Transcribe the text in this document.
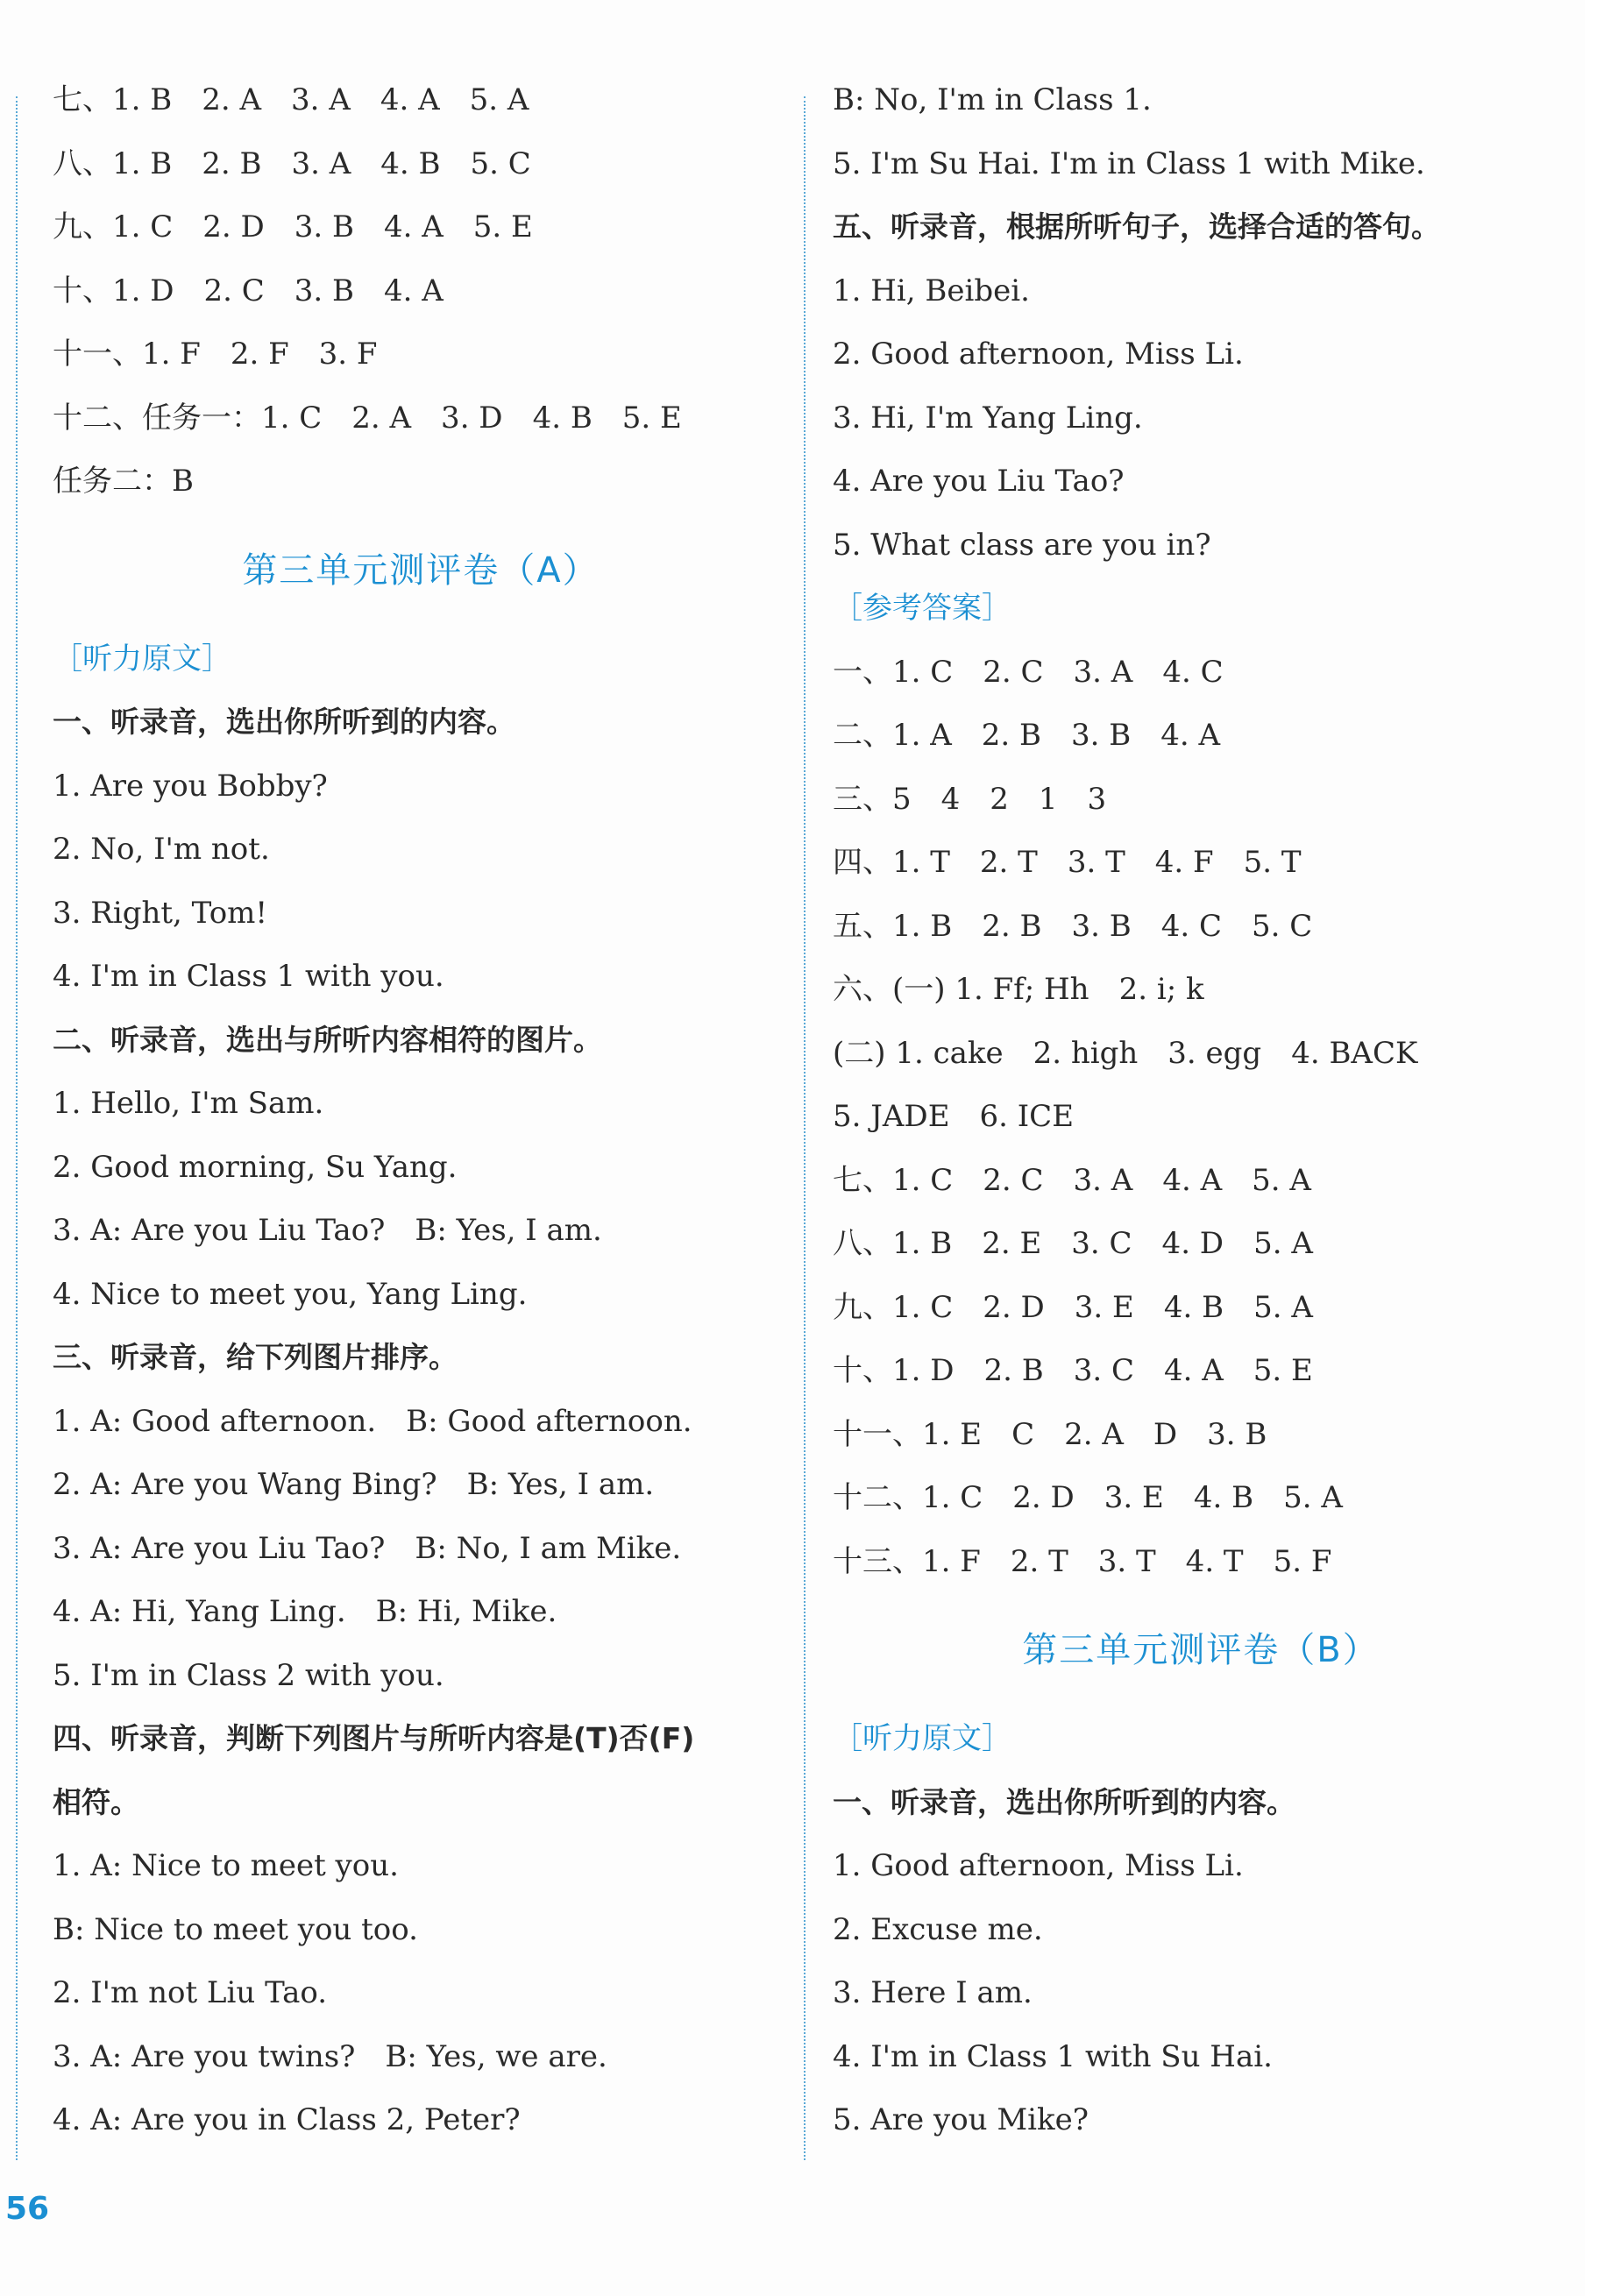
七、1. B　2. A　3. A　4. A　5. A
八、1. B　2. B　3. A　4. B　5. C
九、1. C　2. D　3. B　4. A　5. E
十、1. D　2. C　3. B　4. A
十一、1. F　2. F　3. F
十二、任务一：1. C　2. A　3. D　4. B　5. E
任务二：B
第三单元测评卷（A）
［听力原文］
一、听录音，选出你所听到的内容。
1. Are you Bobby?
2. No, I'm not.
3. Right, Tom!
4. I'm in Class 1 with you.
二、听录音，选出与所听内容相符的图片。
1. Hello, I'm Sam.
2. Good morning, Su Yang.
3. A: Are you Liu Tao?　B: Yes, I am.
4. Nice to meet you, Yang Ling.
三、听录音，给下列图片排序。
1. A: Good afternoon.　B: Good afternoon.
2. A: Are you Wang Bing?　B: Yes, I am.
3. A: Are you Liu Tao?　B: No, I am Mike.
4. A: Hi, Yang Ling.　B: Hi, Mike.
5. I'm in Class 2 with you.
四、听录音，判断下列图片与所听内容是(T)否(F)
相符。
1. A: Nice to meet you.
B: Nice to meet you too.
2. I'm not Liu Tao.
3. A: Are you twins?　B: Yes, we are.
4. A: Are you in Class 2, Peter?
B: No, I'm in Class 1.
5. I'm Su Hai. I'm in Class 1 with Mike.
五、听录音，根据所听句子，选择合适的答句。
1. Hi, Beibei.
2. Good afternoon, Miss Li.
3. Hi, I'm Yang Ling.
4. Are you Liu Tao?
5. What class are you in?
［参考答案］
一、1. C　2. C　3. A　4. C
二、1. A　2. B　3. B　4. A
三、5　4　2　1　3
四、1. T　2. T　3. T　4. F　5. T
五、1. B　2. B　3. B　4. C　5. C
六、(一) 1. Ff; Hh　2. i; k
(二) 1. cake　2. high　3. egg　4. BACK
5. JADE　6. ICE
七、1. C　2. C　3. A　4. A　5. A
八、1. B　2. E　3. C　4. D　5. A
九、1. C　2. D　3. E　4. B　5. A
十、1. D　2. B　3. C　4. A　5. E
十一、1. E　C　2. A　D　3. B
十二、1. C　2. D　3. E　4. B　5. A
十三、1. F　2. T　3. T　4. T　5. F
第三单元测评卷（B）
［听力原文］
一、听录音，选出你所听到的内容。
1. Good afternoon, Miss Li.
2. Excuse me.
3. Here I am.
4. I'm in Class 1 with Su Hai.
5. Are you Mike?
56
